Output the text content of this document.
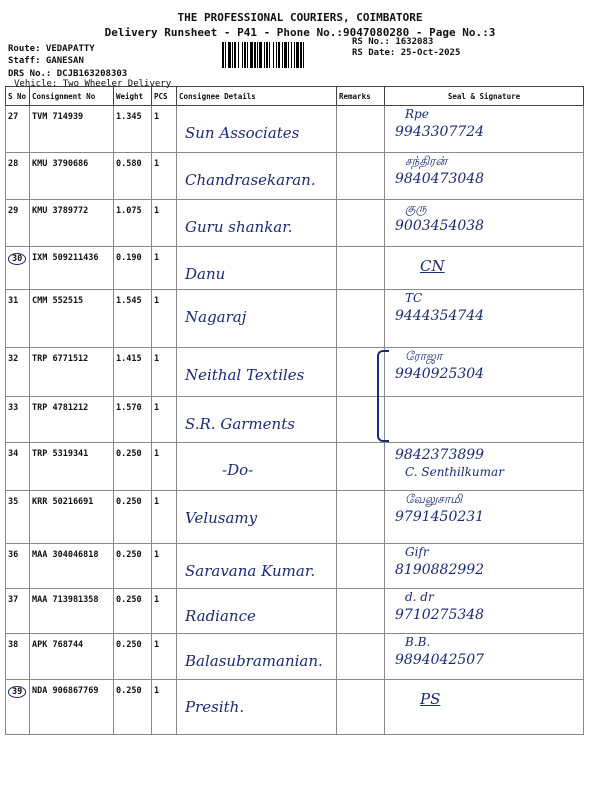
THE PROFESSIONAL COURIERS, COIMBATORE
Delivery Runsheet - P41 - Phone No.:9047080280 - Page No.:3
Route: VEDAPATTY
Staff: GANESAN
DRS No.: DCJB163208303
Vehicle: Two Wheeler Delivery
RS No.: 1632083
RS Date: 25-Oct-2025
S No	Consignment No	Weight	PCS	Consignee Details	Remarks	Seal & Signature
27	TVM 714939	1.345	1	Sun Associates		Rpe
9943307724

28	KMU 3790686	0.580	1	Chandrasekaran.		சந்திரன்
9840473048

29	KMU 3789772	1.075	1	Guru shankar.		குரு
9003454038

30	IXM 509211436	0.190	1	Danu		CN

31	CMM 552515	1.545	1	Nagaraj		TC
9444354744

32	TRP 6771512	1.415	1	Neithal Textiles		ரோஜா
9940925304

33	TRP 4781212	1.570	1	S.R. Garments		

34	TRP 5319341	0.250	1	-Do-		C. Senthilkumar
9842373899

35	KRR 50216691	0.250	1	Velusamy		வேலுசாமி
9791450231

36	MAA 304046818	0.250	1	Saravana Kumar.		Gifr
8190882992

37	MAA 713981358	0.250	1	Radiance		d. dr
9710275348

38	APK 768744	0.250	1	Balasubramanian.		B.B.
9894042507

39	NDA 906867769	0.250	1	Presith.		PS
